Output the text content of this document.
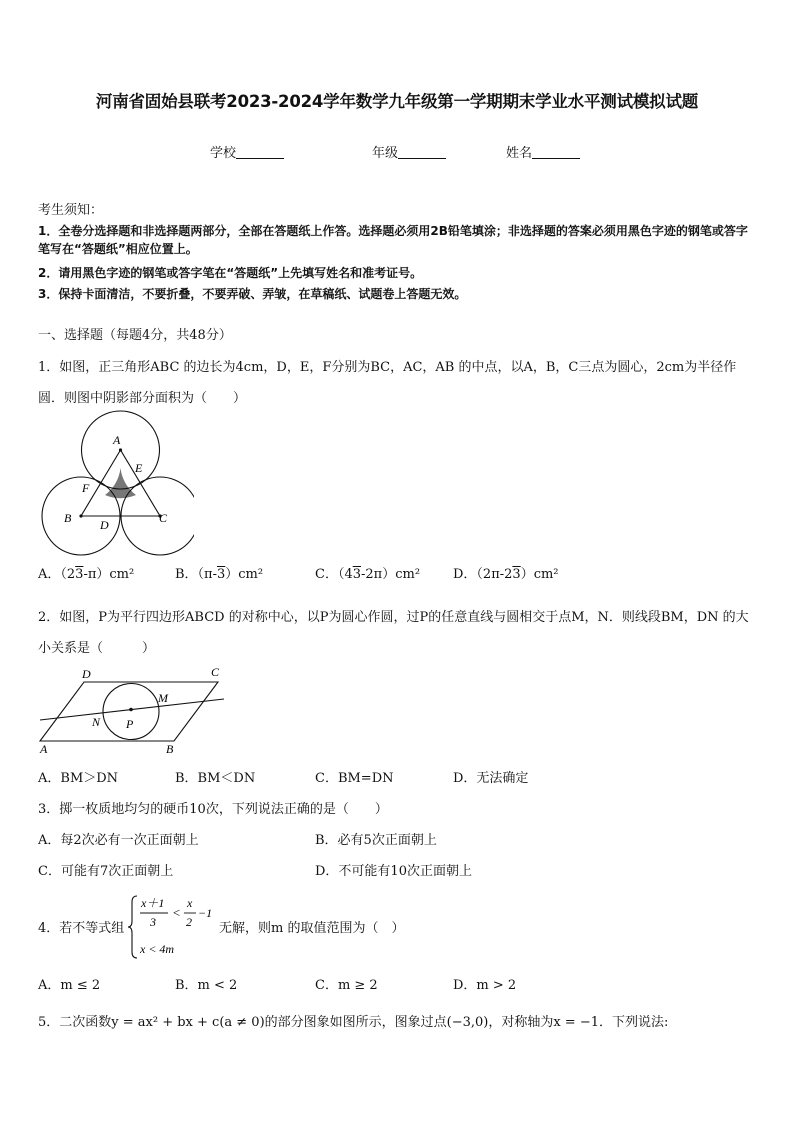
河南省固始县联考2023-2024学年数学九年级第一学期期末学业水平测试模拟试题
学校	年级	姓名
考生须知：
1．全卷分选择题和非选择题两部分，全部在答题纸上作答。选择题必须用2B铅笔填涂；非选择题的答案必须用黑色字迹的钢笔或答字笔写在“答题纸”相应位置上。
2．请用黑色字迹的钢笔或答字笔在“答题纸”上先填写姓名和准考证号。
3．保持卡面清洁，不要折叠，不要弄破、弄皱，在草稿纸、试题卷上答题无效。
一、选择题（每题4分，共48分）
1．如图，正三角形ABC 的边长为4cm，D，E，F分别为BC，AC，AB 的中点，以A，B，C三点为圆心，2cm为半径作圆．则图中阴影部分面积为（　　）
A
E
F
B D	C
A．（23-π）cm²	B．（π-3）cm²	C．（43-2π）cm²	D．（2π-23）cm²
2．如图，P为平行四边形ABCD 的对称中心，以P为圆心作圆，过P的任意直线与圆相交于点M，N．则线段BM，DN 的大小关系是（　　　）
D	C
M
N P
A	B
A．BM＞DN	B．BM＜DN	C．BM=DN	D．无法确定
3．掷一枚质地均匀的硬币10次，下列说法正确的是（　　）
A．每2次必有一次正面朝上	B．必有5次正面朝上
C．可能有7次正面朝上	D．不可能有10次正面朝上
4．若不等式组
x＋1
3
<
x
2
−1
x < 4m
无解，则m 的取值范围为（　）
A．m ≤ 2	B．m < 2	C．m ≥ 2	D．m > 2
5．二次函数y = ax² + bx + c(a ≠ 0)的部分图象如图所示，图象过点(−3,0)，对称轴为x = −1．下列说法:
